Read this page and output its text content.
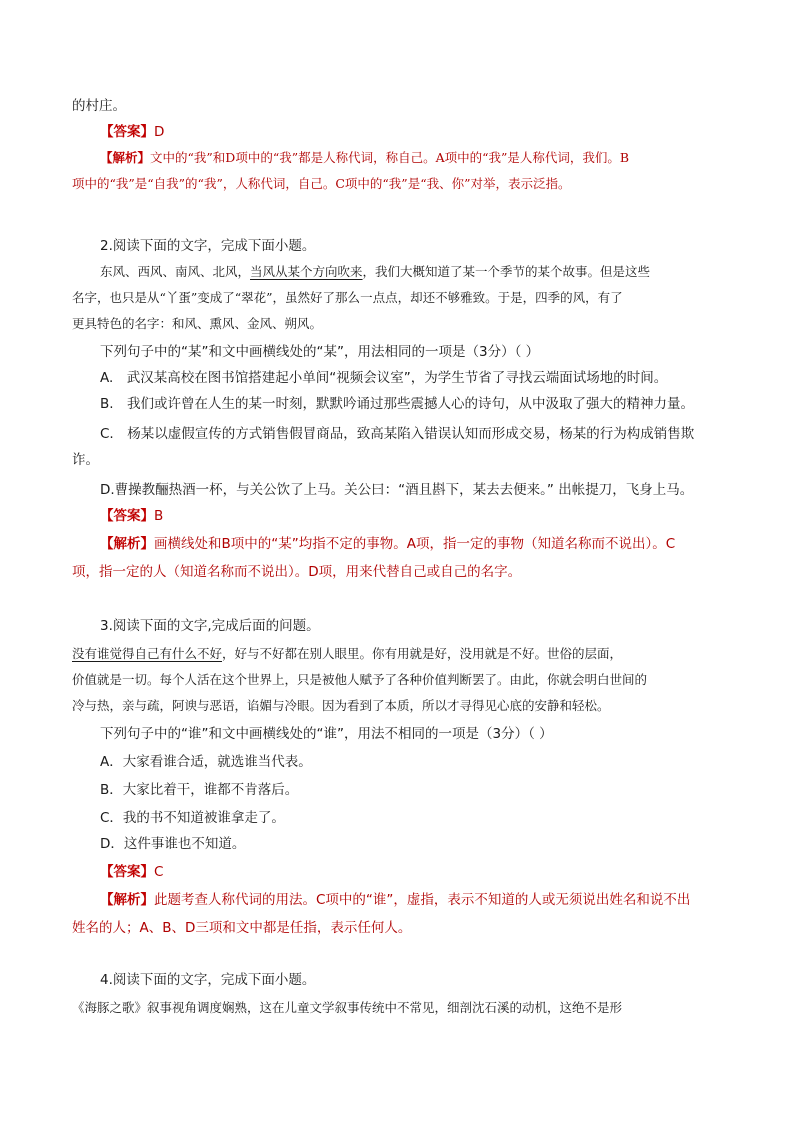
的村庄。
【答案】D
【解析】文中的“我”和D项中的“我”都是人称代词，称自己。A项中的“我”是人称代词，我们。B
项中的“我”是“自我”的“我”，人称代词，自己。C项中的“我”是“我、你”对举，表示泛指。
2.阅读下面的文字，完成下面小题。
东风、西风、南风、北风，当风从某个方向吹来，我们大概知道了某一个季节的某个故事。但是这些
名字，也只是从“丫蛋”变成了“翠花”，虽然好了那么一点点，却还不够雅致。于是，四季的风，有了
更具特色的名字：和风、熏风、金风、朔风。
下列句子中的“某”和文中画横线处的“某”，用法相同的一项是（3分）（ ）
A.　武汉某高校在图书馆搭建起小单间“视频会议室”，为学生节省了寻找云端面试场地的时间。
B.　我们或许曾在人生的某一时刻，默默吟诵过那些震撼人心的诗句，从中汲取了强大的精神力量。
C.　杨某以虚假宣传的方式销售假冒商品，致高某陷入错误认知而形成交易，杨某的行为构成销售欺
诈。
D.曹操教酾热酒一杯，与关公饮了上马。关公曰：“酒且斟下，某去去便来。” 出帐提刀，飞身上马。
【答案】B
【解析】画横线处和B项中的“某”均指不定的事物。A项，指一定的事物（知道名称而不说出）。C
项，指一定的人（知道名称而不说出）。D项，用来代替自己或自己的名字。
3.阅读下面的文字,完成后面的问题。
没有谁觉得自己有什么不好，好与不好都在别人眼里。你有用就是好，没用就是不好。世俗的层面，
价值就是一切。每个人活在这个世界上，只是被他人赋予了各种价值判断罢了。由此，你就会明白世间的
冷与热，亲与疏，阿谀与恶语，谄媚与冷眼。因为看到了本质，所以才寻得见心底的安静和轻松。
下列句子中的“谁”和文中画横线处的“谁”，用法不相同的一项是（3分）（ ）
A．大家看谁合适，就选谁当代表。
B．大家比着干，谁都不肯落后。
C．我的书不知道被谁拿走了。
D．这件事谁也不知道。
【答案】C
【解析】此题考查人称代词的用法。C项中的“谁”，虚指，表示不知道的人或无须说出姓名和说不出
姓名的人；A、B、D三项和文中都是任指，表示任何人。
4.阅读下面的文字，完成下面小题。
《海豚之歌》叙事视角调度娴熟，这在儿童文学叙事传统中不常见，细剖沈石溪的动机，这绝不是形
